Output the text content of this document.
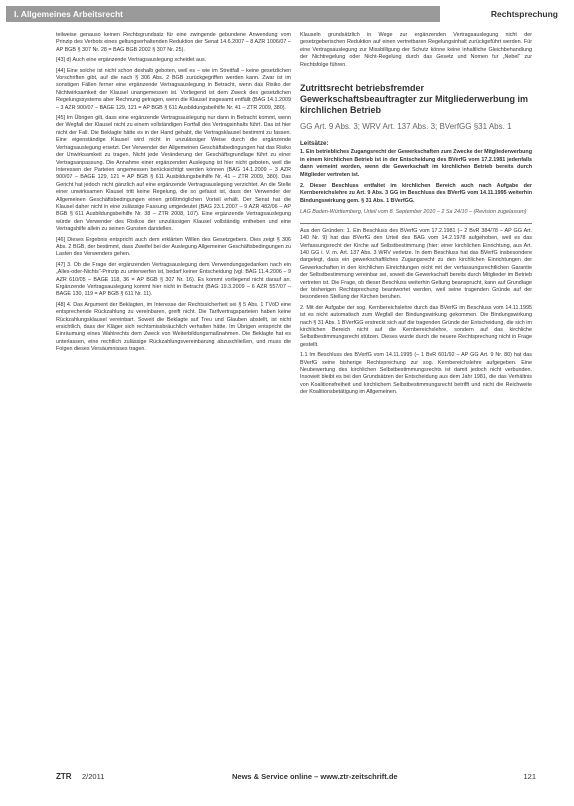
I. Allgemeines Arbeitsrecht	Rechtsprechung

teilweise genauso keinen Rechtsgrundsatz für eine zwingende gebundene Anwendung vom Prinzip des Verbots eines geltungserhaltenden Reduktion der Senat 14.6.2007 – 8 AZR 1006/07 – AP BGB § 307 Nr. 28 = BAG BGB 2002 § 307 Nr. 25).

[43] d) Auch eine ergänzende Vertragsauslegung scheidet aus.

[44] Eine solche ist nicht schon deshalb geboten, weil es – wie im Streitfall – keine gesetzlichen Vorschriften gibt, auf die nach § 306 Abs. 2 BGB zurückgegriffen werden kann. Zwar ist im sonstigen Fällen ferner eine ergänzende Vertragsauslegung in Betracht, wenn das Risiko der Nichtwirksamkeit der Klausel unangemessen ist. Vorliegend ist dem Zweck des gesetzlichen Regelungssystems aber Rechnung getragen, wenn die Klausel insgesamt entfällt (BAG 14.1.2009 – 3 AZR 900/07 – BAGE 129, 121 = AP BGB § 611 Ausbildungsbeihilfe Nr. 41 – ZTR 2009, 380).

[45] Im Übrigen gilt, dass eine ergänzende Vertragsauslegung nur dann in Betracht kommt, wenn der Wegfall der Klausel nicht zu einem vollständigen Fortfall des Vertragsinhalts führt. Das ist hier nicht der Fall. Die Beklagte hätte es in der Hand gehabt, die Vertragsklausel bestimmt zu fassen. Eine eigenständige Klausel wird nicht in unzulässiger Weise durch die ergänzende Vertragsauslegung ersetzt. Der Verwender der Allgemeinen Geschäftsbedingungen hat das Risiko der Unwirksamkeit zu tragen. Nicht jede Veränderung der Geschäftsgrundlage führt zu einer Vertragsanpassung. Die Annahme einer ergänzenden Auslegung ist hier nicht geboten, weil die Interessen der Parteien angemessen berücksichtigt werden können (BAG 14.1.2009 – 3 AZR 900/07 – BAGE 129, 121 = AP BGB § 611 Ausbildungsbeihilfe Nr. 41 – ZTR 2009, 380). Das Gericht hat jedoch nicht gänzlich auf eine ergänzende Vertragsauslegung verzichtet. An die Stelle einer unwirksamen Klausel tritt keine Regelung, die so gefasst ist, dass der Verwender der Allgemeinen Geschäftsbedingungen einen größtmöglichen Vorteil erhält. Der Senat hat die Klausel daher nicht in eine zulässige Fassung umgedeutet (BAG 23.1.2007 – 9 AZR 482/06 – AP BGB § 611 Ausbildungsbeihilfe Nr. 38 – ZTR 2008, 107). Eine ergänzende Vertragsauslegung würde den Verwender des Risikos der unzulässigen Klausel vollständig entheben und eine Vertragshilfe allein zu seinen Gunsten darstellen.

[46] Dieses Ergebnis entspricht auch dem erklärten Willen des Gesetzgebers. Dies zeigt § 306 Abs. 2 BGB, der bestimmt, dass Zweifel bei der Auslegung Allgemeiner Geschäftsbedingungen zu Lasten des Verwenders gehen.

[47] 3. Ob die Frage der ergänzenden Vertragsauslegung dem Verwendungsgedanken nach ein „Alles-oder-Nichts“-Prinzip zu unterwerfen ist, bedarf keiner Entscheidung (vgl. BAG 11.4.2006 – 9 AZR 610/05 – BAGE 118, 36 = AP BGB § 307 Nr. 16). Es kommt vorliegend nicht darauf an. Ergänzende Vertragsauslegung kommt hier nicht in Betracht (BAG 19.3.2009 – 6 AZR 557/07 – BAGE 130, 119 = AP BGB § 611 Nr. 11).

[48] 4. Das Argument der Beklagten, im Interesse der Rechtssicherheit sei § 5 Abs. 1 TVöD eine entsprechende Rückzahlung zu vereinbaren, greift nicht. Die Tarifvertragsparteien haben keine Rückzahlungsklausel vereinbart. Soweit die Beklagte auf Treu und Glauben abstellt, ist nicht ersichtlich, dass der Kläger sich rechtsmissbräuchlich verhalten hätte. Im Übrigen entspricht die Einräumung eines Wahlrechts dem Zweck von Weiterbildungsmaßnahmen. Die Beklagte hat es unterlassen, eine rechtlich zulässige Rückzahlungsvereinbarung abzuschließen, und muss die Folgen dieses Versäumnisses tragen.

Klauseln grundsätzlich in Wege zur ergänzenden Vertragsauslegung nicht der gesetzgeberischen Reduktion auf einen vertretbaren Regelungsinhalt zurückgeführt werden. Für eine Vertragsauslegung zur Missbilligung der Schutz könne keine inhaltliche Gleichbehandlung der Nichtregelung oder Nicht-Regelung durch das Gesetz und Nomen fur „Nebel“ zur Rechtsfolge führen.

Zutrittsrecht betriebsfremder Gewerkschaftsbeauftragter zur Mitgliederwerbung im kirchlichen Betrieb
GG Art. 9 Abs. 3; WRV Art. 137 Abs. 3; BVerfGG §31 Abs. 1
Leitsätze:

1. Ein betriebliches Zugangsrecht der Gewerkschaften zum Zwecke der Mitgliederwerbung in einem kirchlichen Betrieb ist in der Entscheidung des BVerfG vom 17.2.1981 jedenfalls dann verneint worden, wenn die Gewerkschaft im kirchlichen Betrieb bereits durch Mitglieder vertreten ist.

2. Dieser Beschluss entfaltet im kirchlichen Bereich auch nach Aufgabe der Kernbereichslehre zu Art. 9 Abs. 3 GG im Beschluss des BVerfG vom 14.11.1995 weiterhin Bindungswirkung gem. § 31 Abs. 1 BVerfGG.

LAG Baden-Württemberg, Urteil vom 8. September 2010 – 2 Sa 24/10 – (Revision zugelassen)

Aus den Gründen: 1. Ein Beschluss des BVerfG vom 17.2.1981 (– 2 BvR 384/78 – AP GG Art. 140 Nr. 9) hat das BVerfG den Urteil des BAG vom 14.2.1978 aufgehoben, weil es das Verfassungsrecht der Kirche auf Selbstbestimmung (hier: einer kirchlichen Einrichtung, aus Art. 140 GG i. V. m. Art. 137 Abs. 3 WRV verletze. In dem Beschluss hat das BVerfG insbesondere dargelegt, dass ein gewerkschaftliches Zugangsrecht zu den kirchlichen Einrichtungen der Gewerkschaften in den kirchlichen Einrichtungen nicht mit der verfassungsrechtlichen Garantie der Selbstbestimmung vereinbar sei, soweit die Gewerkschaft bereits durch Mitglieder im Betrieb vertreten ist. Die Frage, ob dieser Beschluss weiterhin Geltung beansprucht, kann auf Grundlage der bisherigen Rechtsprechung beantwortet werden, weil seine tragenden Gründe auf der besonderen Stellung der Kirchen beruhen.

2. Mit der Aufgabe der sog. Kernbereichslehre durch das BVerfG im Beschluss vom 14.11.1995 ist es nicht automatisch zum Wegfall der Bindungswirkung gekommen. Die Bindungswirkung nach § 31 Abs. 1 BVerfGG erstreckt sich auf die tragenden Gründe der Entscheidung, die sich im kirchlichen Bereich nicht auf die Kernbereichslehre, sondern auf das kirchliche Selbstbestimmungsrecht stützen. Dieses wurde durch die neuere Rechtsprechung nicht in Frage gestellt.

1.1 Im Beschluss des BVerfG vom 14.11.1995 (– 1 BvR 601/92 – AP GG Art. 9 Nr. 80) hat das BVerfG seine bisherige Rechtsprechung zur sog. Kernbereichslehre aufgegeben. Eine Neubewertung des kirchlichen Selbstbestimmungsrechts ist damit jedoch nicht verbunden. Insoweit bleibt es bei den Grundsätzen der Entscheidung aus dem Jahr 1981, die das Verhältnis von Koalitionsfreiheit und kirchlichem Selbstbestimmungsrecht betrifft und nicht die Reichweite der Koalitionsbetätigung im Allgemeinen.

ZTR 2/2011	News & Service online – www.ztr-zeitschrift.de	121
